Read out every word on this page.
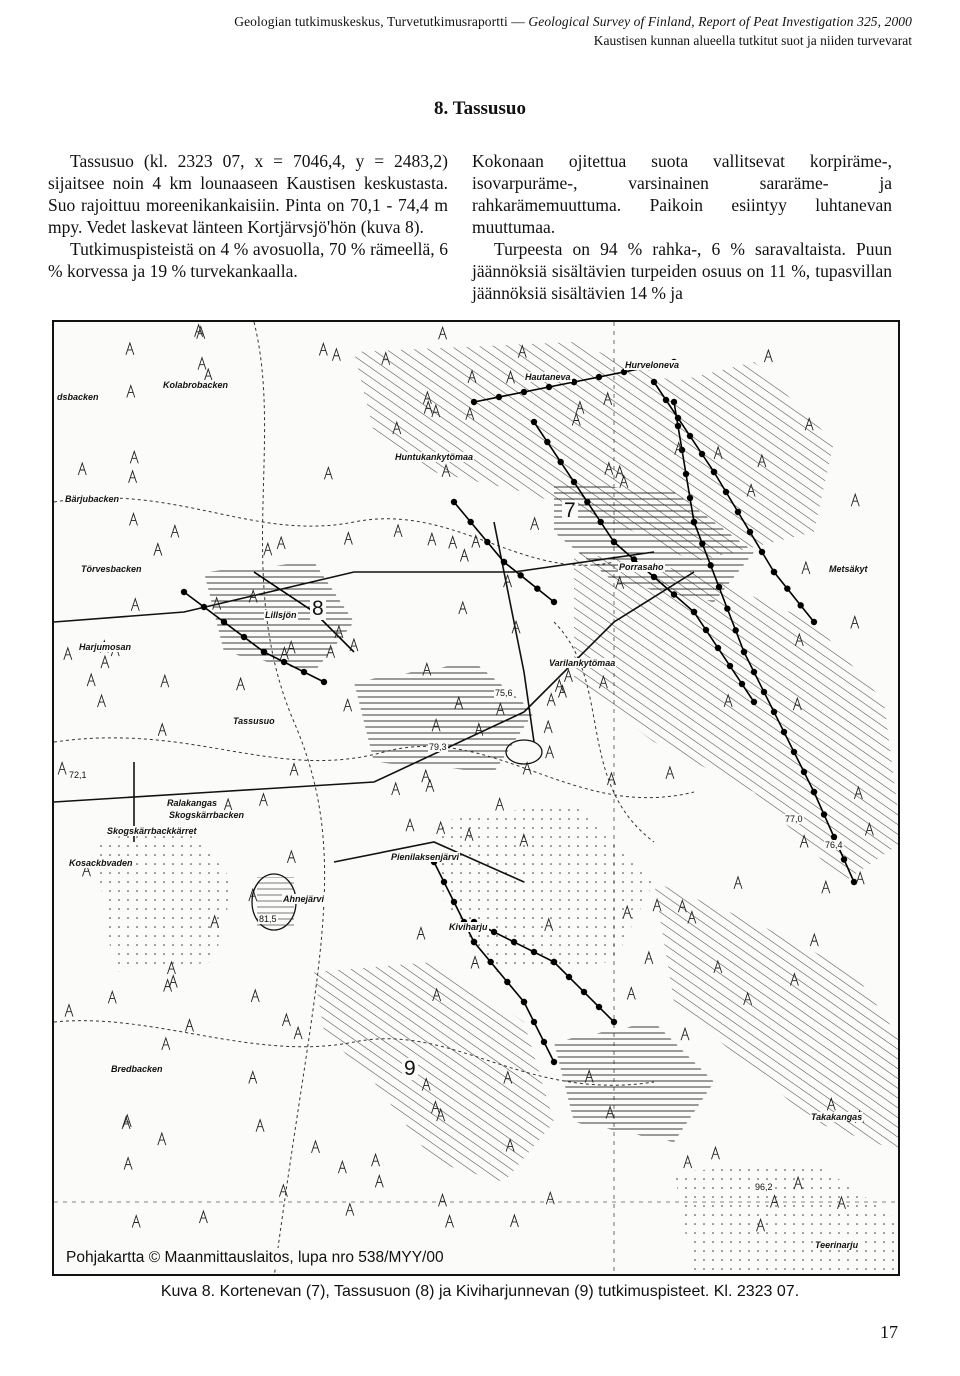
Geologian tutkimuskeskus, Turvetutkimusraportti — Geological Survey of Finland, Report of Peat Investigation 325, 2000
Kaustisen kunnan alueella tutkitut suot ja niiden turvevarat
8. Tassusuo

Tassusuo (kl. 2323 07, x = 7046,4, y = 2483,2) sijaitsee noin 4 km lounaaseen Kaustisen keskustasta. Suo rajoittuu moreenikankaisiin. Pinta on 70,1 - 74,4 m mpy. Vedet laskevat länteen Kortjärvsjö'hön (kuva 8).

Tutkimuspisteistä on 4 % avosuolla, 70 % rämeellä, 6 % korvessa ja 19 % turvekankaalla.

Kokonaan ojitettua suota vallitsevat korpiräme-, isovarpuräme-, varsinainen sararäme- ja rahkarämemuuttuma. Paikoin esiintyy luhtanevan muuttumaa.

Turpeesta on 94 % rahka-, 6 % saravaltaista. Puun jäännöksiä sisältävien turpeiden osuus on 11 %, tupasvillan jäännöksiä sisältävien 14 % ja

Kolabrobacken
Hautaneva
Hurveloneva
Huntukankytömaa
Bärjubacken
Törvesbacken	Porrasaho	Metsäkyt
Lillsjön
Harjumosan
Varilankytömaa
Tassusuo
Ralakangas
Skogskärrbacken
Skogskärrbackkärret
Kosackbvaden
Pienilaksenjärvi
Ahnejärvi
Kiviharju
Bredbacken
Takakangas
Teerinarju
dsbacken
7
8
9
75,6
79,3
72,1
77,0
76,4
81,5
96,2
Pohjakartta © Maanmittauslaitos, lupa nro 538/MYY/00
Kuva 8. Kortenevan (7), Tassusuon (8) ja Kiviharjunnevan (9) tutkimuspisteet. Kl. 2323 07.
17
